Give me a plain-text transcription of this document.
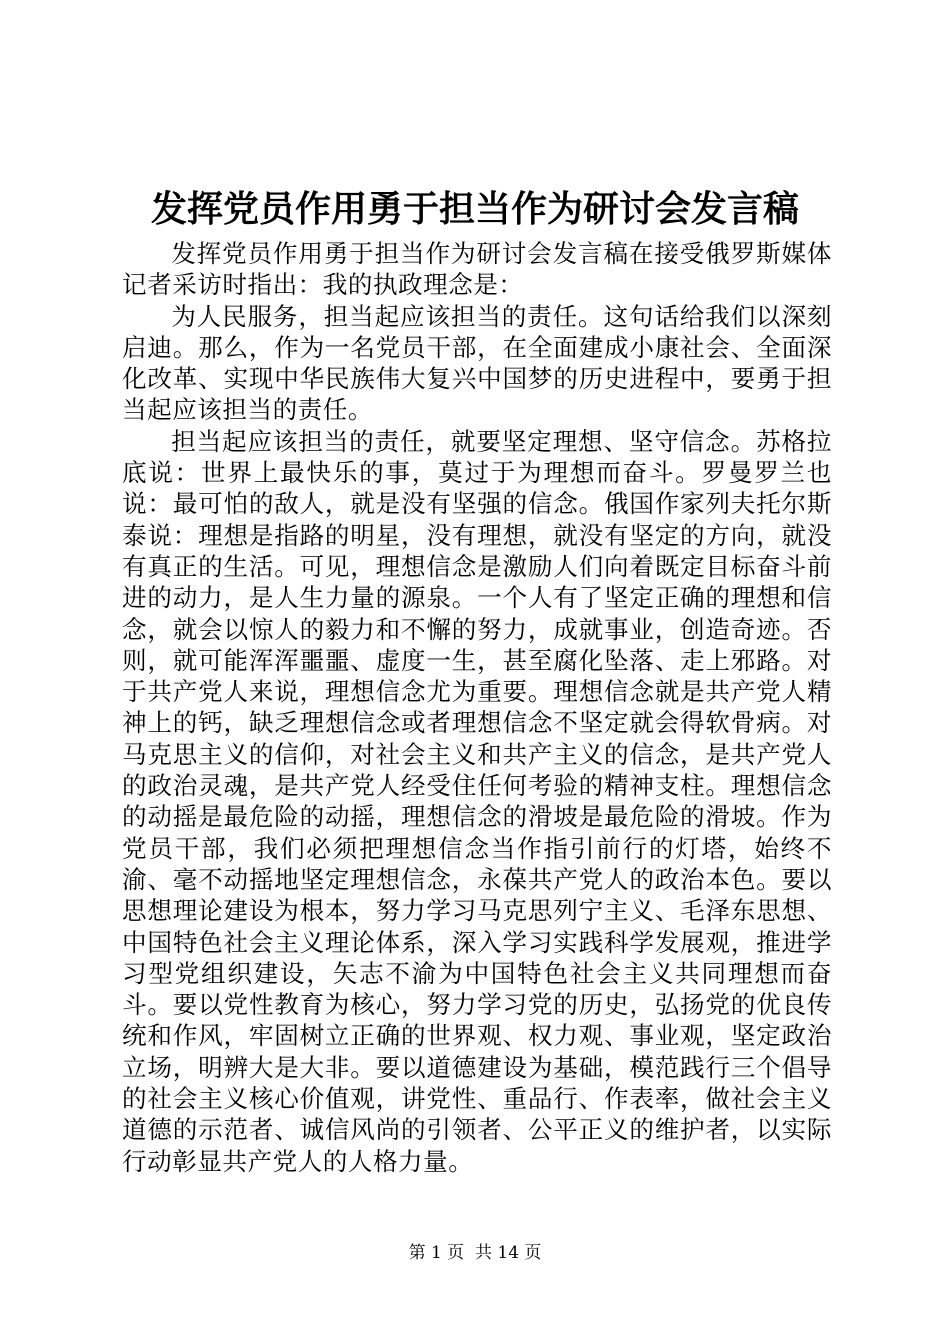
发挥党员作用勇于担当作为研讨会发言稿

发挥党员作用勇于担当作为研讨会发言稿在接受俄罗斯媒体记者采访时指出：我的执政理念是：

为人民服务，担当起应该担当的责任。这句话给我们以深刻启迪。那么，作为一名党员干部，在全面建成小康社会、全面深化改革、实现中华民族伟大复兴中国梦的历史进程中，要勇于担当起应该担当的责任。

担当起应该担当的责任，就要坚定理想、坚守信念。苏格拉底说：世界上最快乐的事，莫过于为理想而奋斗。罗曼罗兰也说：最可怕的敌人，就是没有坚强的信念。俄国作家列夫托尔斯泰说：理想是指路的明星，没有理想，就没有坚定的方向，就没有真正的生活。可见，理想信念是激励人们向着既定目标奋斗前进的动力，是人生力量的源泉。一个人有了坚定正确的理想和信念，就会以惊人的毅力和不懈的努力，成就事业，创造奇迹。否则，就可能浑浑噩噩、虚度一生，甚至腐化坠落、走上邪路。对于共产党人来说，理想信念尤为重要。理想信念就是共产党人精神上的钙，缺乏理想信念或者理想信念不坚定就会得软骨病。对马克思主义的信仰，对社会主义和共产主义的信念，是共产党人的政治灵魂，是共产党人经受住任何考验的精神支柱。理想信念的动摇是最危险的动摇，理想信念的滑坡是最危险的滑坡。作为党员干部，我们必须把理想信念当作指引前行的灯塔，始终不渝、毫不动摇地坚定理想信念，永葆共产党人的政治本色。要以思想理论建设为根本，努力学习马克思列宁主义、毛泽东思想、中国特色社会主义理论体系，深入学习实践科学发展观，推进学习型党组织建设，矢志不渝为中国特色社会主义共同理想而奋斗。要以党性教育为核心，努力学习党的历史，弘扬党的优良传统和作风，牢固树立正确的世界观、权力观、事业观，坚定政治立场，明辨大是大非。要以道德建设为基础，模范践行三个倡导的社会主义核心价值观，讲党性、重品行、作表率，做社会主义道德的示范者、诚信风尚的引领者、公平正义的维护者，以实际行动彰显共产党人的人格力量。

第 1 页  共 14 页
